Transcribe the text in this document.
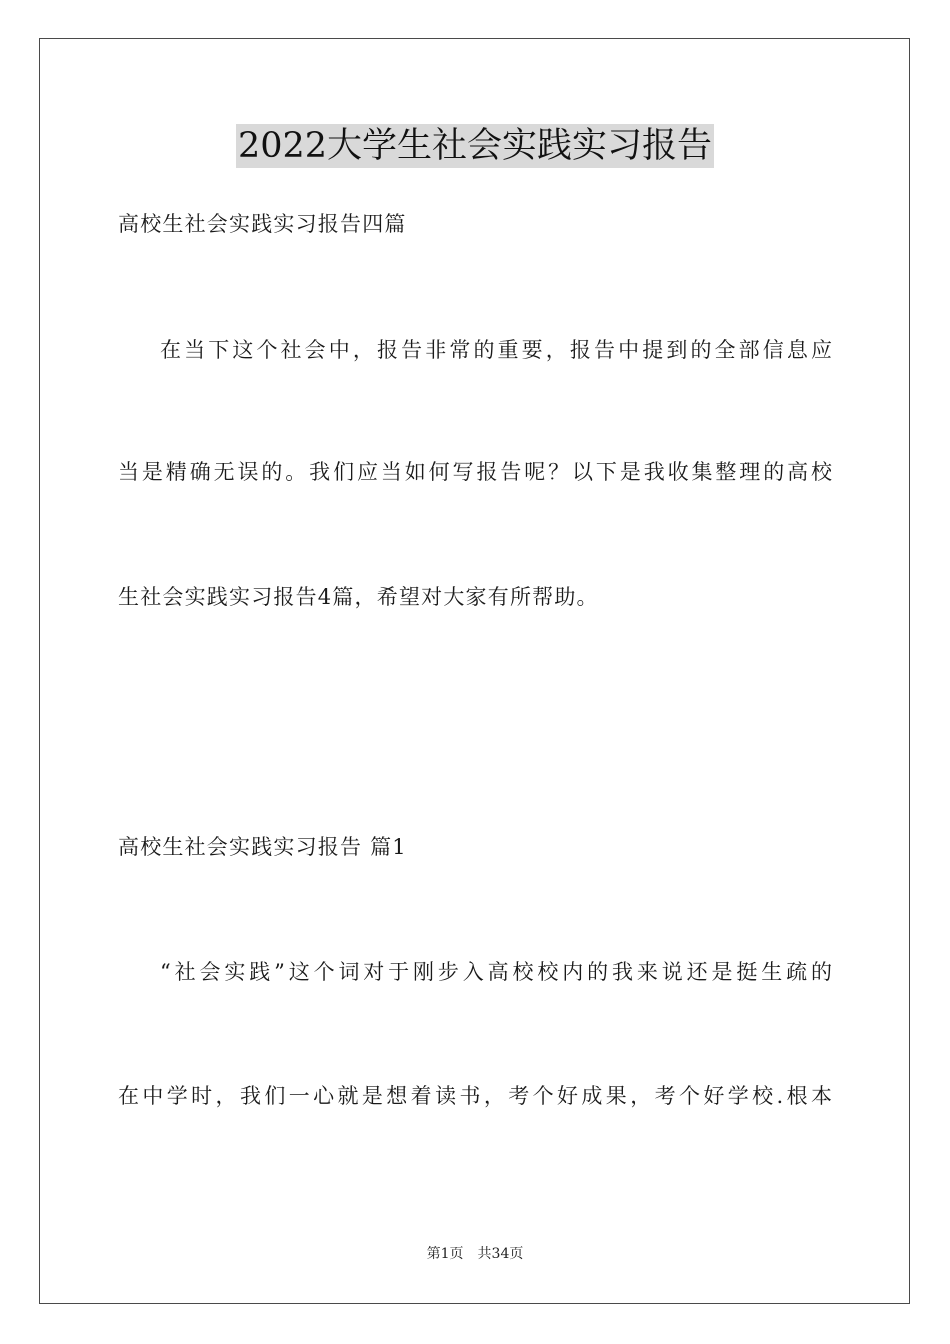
2022大学生社会实践实习报告
高校生社会实践实习报告四篇
在当下这个社会中，报告非常的重要，报告中提到的全部信息应
当是精确无误的。我们应当如何写报告呢？以下是我收集整理的高校
生社会实践实习报告4篇，希望对大家有所帮助。
高校生社会实践实习报告 篇1
“社会实践”这个词对于刚步入高校校内的我来说还是挺生疏的
在中学时，我们一心就是想着读书，考个好成果，考个好学校.根本
第1页 共34页
